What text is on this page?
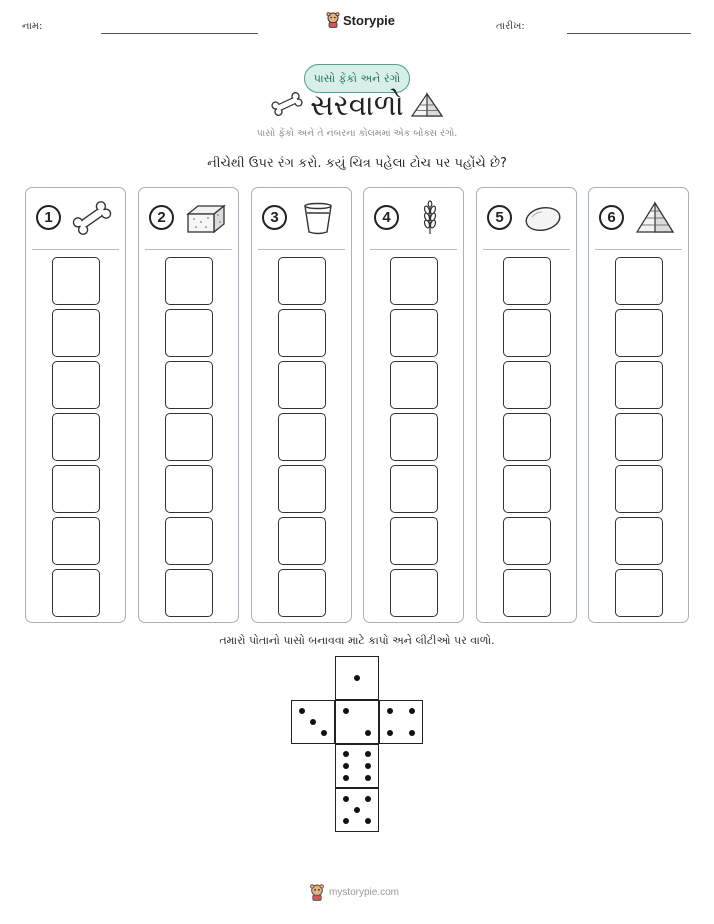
નામ:	Storypie	તારીખ:
પાસો ફેંકો અને રંગો
સરવાળો
પાસો ફેંકો અને તે નંબરના કોલમમાં એક બોક્સ રંગો.
નીચેથી ઉપર રંગ કરો. કયું ચિત્ર પહેલા ટોચ પર પહોંચે છે?
1	2	3	4	5	6
તમારો પોતાનો પાસો બનાવવા માટે કાપો અને લીટીઓ પર વાળો.
mystorypie.com
